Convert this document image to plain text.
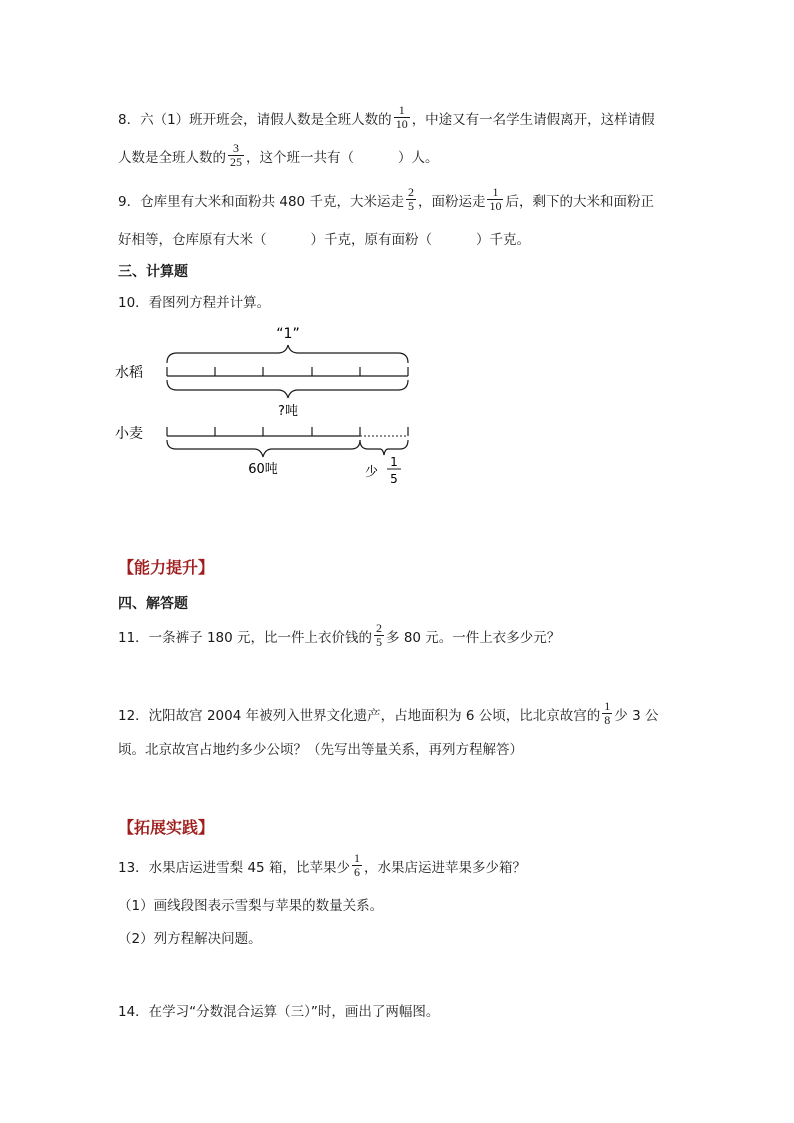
8．六（1）班开班会，请假人数是全班人数的 $\frac{1}{10}$ ，中途又有一名学生请假离开，这样请假
人数是全班人数的 $\frac{3}{25}$ ，这个班一共有（	）人。
9．仓库里有大米和面粉共 480 千克，大米运走 $\frac{2}{5}$ ，面粉运走 $\frac{1}{10}$ 后，剩下的大米和面粉正
好相等，仓库原有大米（	）千克，原有面粉（	）千克。
三、计算题
10．看图列方程并计算。
“1”
水稻
?吨
小麦
60吨	少
1
5
【能力提升】
四、解答题
11．一条裤子 180 元，比一件上衣价钱的 $\frac{2}{5}$ 多 80 元。一件上衣多少元？
12．沈阳故宫 2004 年被列入世界文化遗产，占地面积为 6 公顷，比北京故宫的 $\frac{1}{8}$ 少 3 公
顷。北京故宫占地约多少公顷？（先写出等量关系，再列方程解答）
【拓展实践】
13．水果店运进雪梨 45 箱，比苹果少 $\frac{1}{6}$ ，水果店运进苹果多少箱？
（1）画线段图表示雪梨与苹果的数量关系。
（2）列方程解决问题。
14．在学习“分数混合运算（三）”时，画出了两幅图。
